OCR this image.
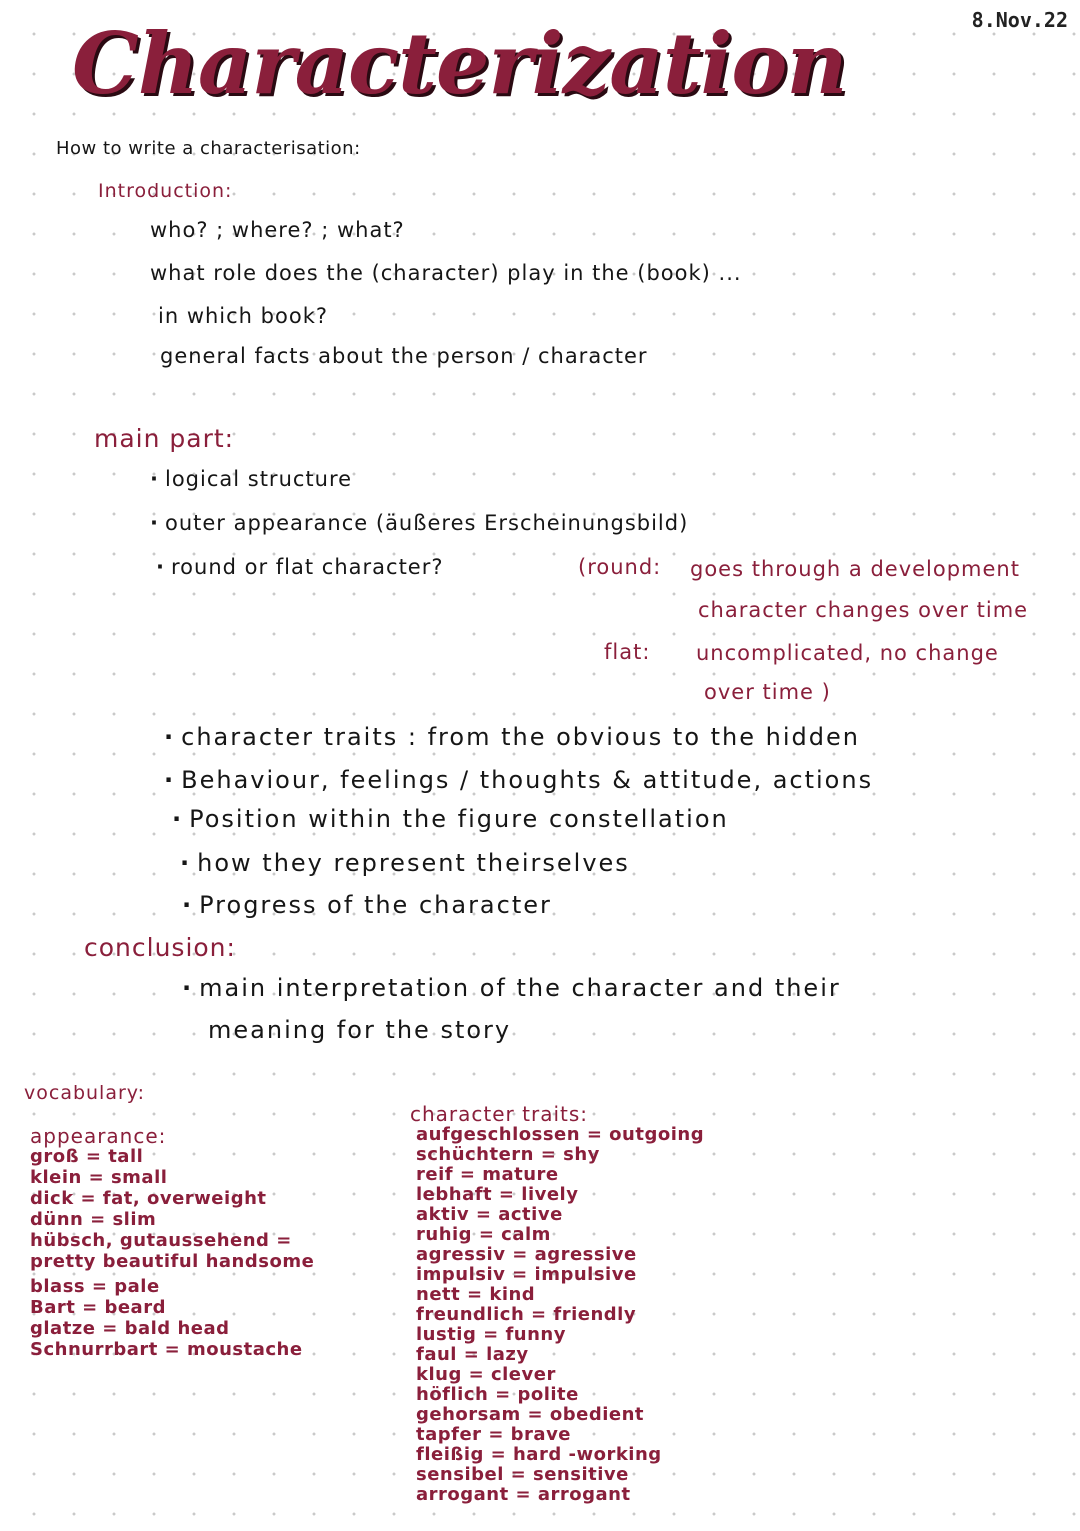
Characterization	8.Nov.22
How to write a characterisation:
Introduction:
who? ; where? ; what?
what role does the (character) play in the (book) ...
in which book?
general facts about the person / character
main part:
· logical structure
· outer appearance (äußeres Erscheinungsbild)
· round or flat character?	(round: goes through a development
character changes over time
flat: uncomplicated, no change
over time )
· character traits : from the obvious to the hidden
· Behaviour, feelings / thoughts & attitude, actions
· Position within the figure constellation
· how they represent theirselves
· Progress of the character
conclusion:
· main interpretation of the character and their
meaning for the story
vocabulary:
appearance:
groß = tall
klein = small
dick = fat, overweight
dünn = slim
hübsch, gutaussehend =
pretty beautiful handsome
blass = pale
Bart = beard
glatze = bald head
Schnurrbart = moustache
character traits:
aufgeschlossen = outgoing
schüchtern = shy
reif = mature
lebhaft = lively
aktiv = active
ruhig = calm
agressiv = agressive
impulsiv = impulsive
nett = kind
freundlich = friendly
lustig = funny
faul = lazy
klug = clever
höflich = polite
gehorsam = obedient
tapfer = brave
fleißig = hard -working
sensibel = sensitive
arrogant = arrogant
